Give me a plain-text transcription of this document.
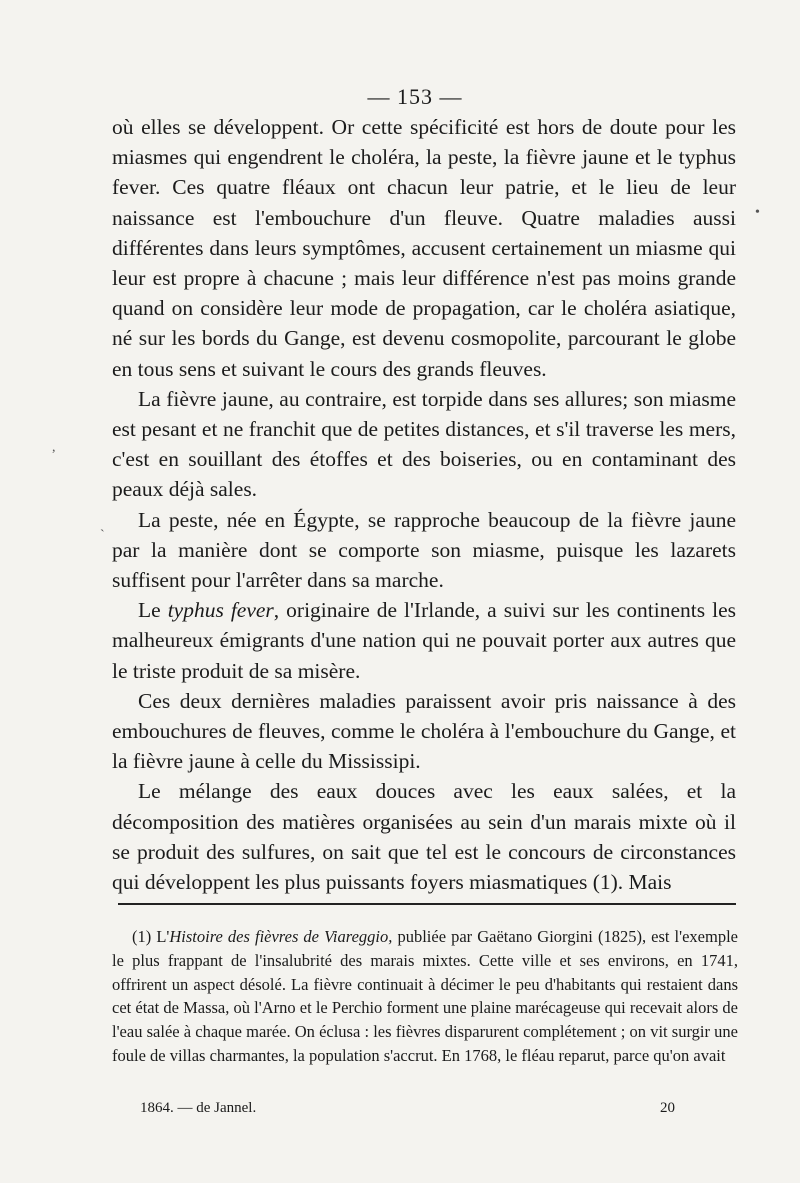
— 153 —

où elles se développent. Or cette spécificité est hors de doute pour les miasmes qui engendrent le choléra, la peste, la fièvre jaune et le typhus fever. Ces quatre fléaux ont chacun leur patrie, et le lieu de leur naissance est l'embouchure d'un fleuve. Quatre maladies aussi différentes dans leurs symptômes, accusent certainement un miasme qui leur est propre à chacune ; mais leur différence n'est pas moins grande quand on considère leur mode de propagation, car le choléra asiatique, né sur les bords du Gange, est devenu cosmopolite, parcourant le globe en tous sens et suivant le cours des grands fleuves.

La fièvre jaune, au contraire, est torpide dans ses allures; son miasme est pesant et ne franchit que de petites distances, et s'il traverse les mers, c'est en souillant des étoffes et des boiseries, ou en contaminant des peaux déjà sales.

La peste, née en Égypte, se rapproche beaucoup de la fièvre jaune par la manière dont se comporte son miasme, puisque les lazarets suffisent pour l'arrêter dans sa marche.

Le typhus fever, originaire de l'Irlande, a suivi sur les continents les malheureux émigrants d'une nation qui ne pouvait porter aux autres que le triste produit de sa misère.

Ces deux dernières maladies paraissent avoir pris naissance à des embouchures de fleuves, comme le choléra à l'embouchure du Gange, et la fièvre jaune à celle du Mississipi.

Le mélange des eaux douces avec les eaux salées, et la décomposition des matières organisées au sein d'un marais mixte où il se produit des sulfures, on sait que tel est le concours de circonstances qui développent les plus puissants foyers miasmatiques (1). Mais

(1) L'Histoire des fièvres de Viareggio, publiée par Gaëtano Giorgini (1825), est l'exemple le plus frappant de l'insalubrité des marais mixtes. Cette ville et ses environs, en 1741, offrirent un aspect désolé. La fièvre continuait à décimer le peu d'habitants qui restaient dans cet état de Massa, où l'Arno et le Perchio forment une plaine marécageuse qui recevait alors de l'eau salée à chaque marée. On éclusa : les fièvres disparurent complétement ; on vit surgir une foule de villas charmantes, la population s'accrut. En 1768, le fléau reparut, parce qu'on avait

1864. — de Jannel.	20
•
,
`
